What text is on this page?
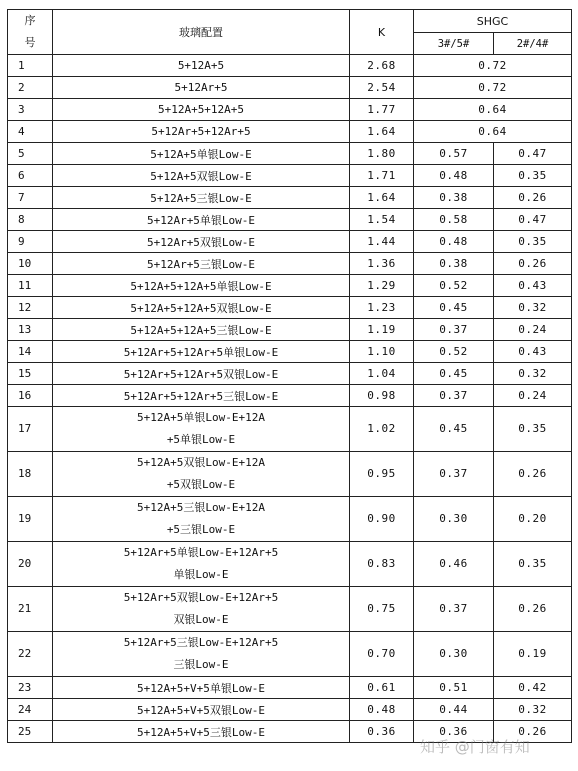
序号	玻璃配置	K	SHGC	
			3#/5#	2#/4#
1	5+12A+5	2.68	0.72	
2	5+12Ar+5	2.54	0.72	
3	5+12A+5+12A+5	1.77	0.64	
4	5+12Ar+5+12Ar+5	1.64	0.64	
5	5+12A+5单银Low-E	1.80	0.57	0.47
6	5+12A+5双银Low-E	1.71	0.48	0.35
7	5+12A+5三银Low-E	1.64	0.38	0.26
8	5+12Ar+5单银Low-E	1.54	0.58	0.47
9	5+12Ar+5双银Low-E	1.44	0.48	0.35
10	5+12Ar+5三银Low-E	1.36	0.38	0.26
11	5+12A+5+12A+5单银Low-E	1.29	0.52	0.43
12	5+12A+5+12A+5双银Low-E	1.23	0.45	0.32
13	5+12A+5+12A+5三银Low-E	1.19	0.37	0.24
14	5+12Ar+5+12Ar+5单银Low-E	1.10	0.52	0.43
15	5+12Ar+5+12Ar+5双银Low-E	1.04	0.45	0.32
16	5+12Ar+5+12Ar+5三银Low-E	0.98	0.37	0.24
17	5+12A+5单银Low-E+12A
+5单银Low-E	1.02	0.45	0.35
18	5+12A+5双银Low-E+12A
+5双银Low-E	0.95	0.37	0.26
19	5+12A+5三银Low-E+12A
+5三银Low-E	0.90	0.30	0.20
20	5+12Ar+5单银Low-E+12Ar+5
单银Low-E	0.83	0.46	0.35
21	5+12Ar+5双银Low-E+12Ar+5
双银Low-E	0.75	0.37	0.26
22	5+12Ar+5三银Low-E+12Ar+5
三银Low-E	0.70	0.30	0.19
23	5+12A+5+V+5单银Low-E	0.61	0.51	0.42
24	5+12A+5+V+5双银Low-E	0.48	0.44	0.32
25	5+12A+5+V+5三银Low-E	0.36	0.36	0.26
知乎 @门窗有知
